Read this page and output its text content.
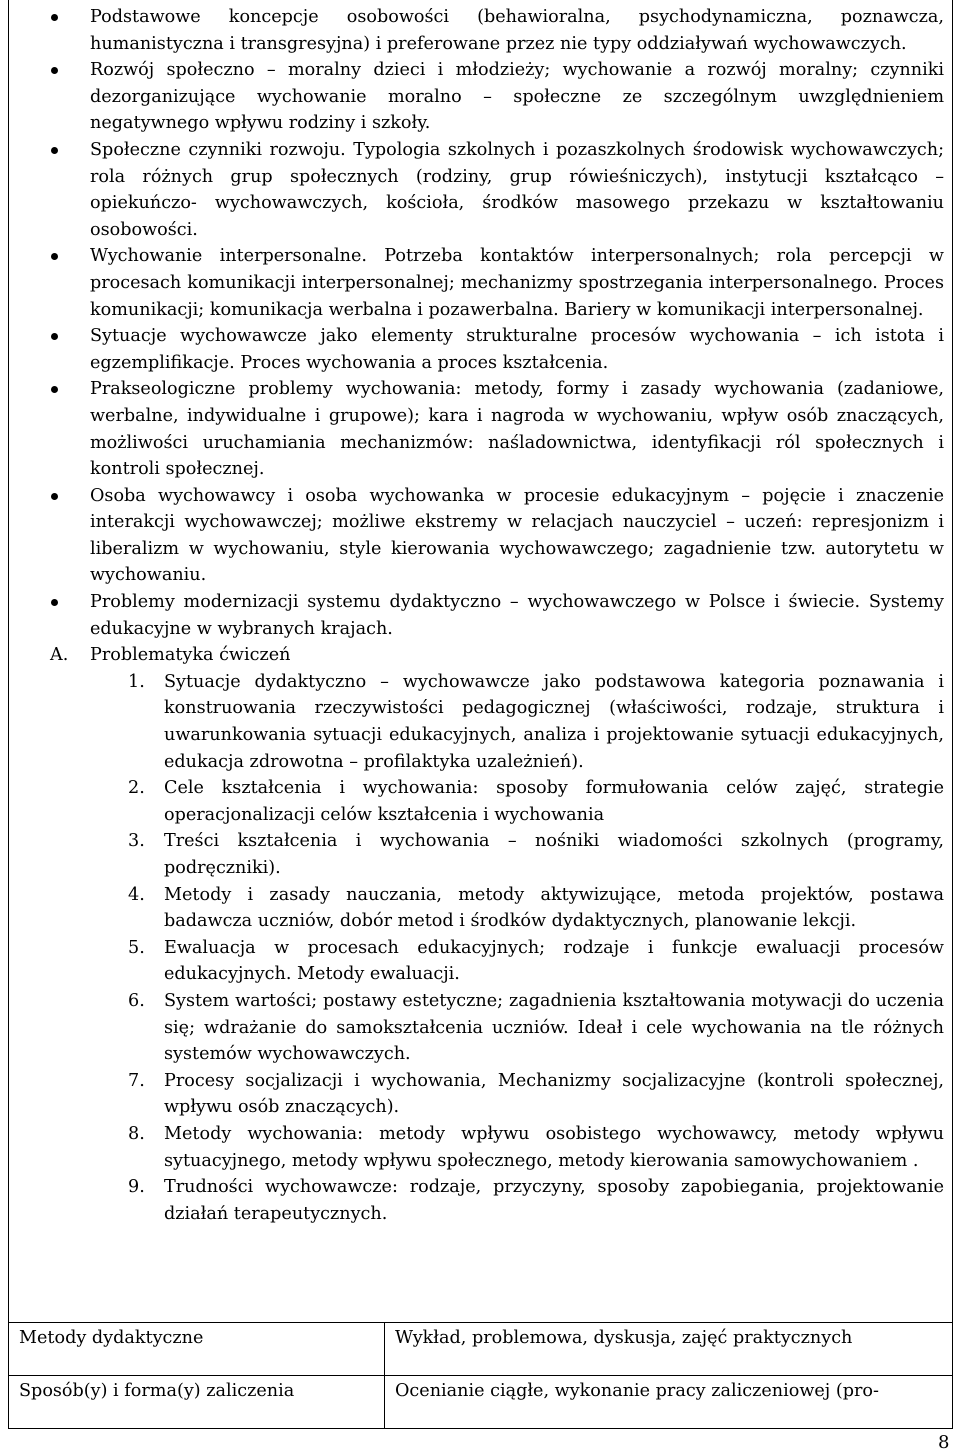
Podstawowe koncepcje osobowości (behawioralna, psychodynamiczna, poznawcza, humanistyczna i transgresyjna) i preferowane przez nie typy oddziaływań wychowawczych.
Rozwój społeczno – moralny dzieci i młodzieży; wychowanie a rozwój moralny; czynniki dezorganizujące wychowanie moralno – społeczne ze szczególnym uwzględnieniem negatywnego wpływu rodziny i szkoły.
Społeczne czynniki rozwoju. Typologia szkolnych i pozaszkolnych środowisk wychowawczych; rola różnych grup społecznych (rodziny, grup rówieśniczych), instytucji kształcąco – opiekuńczo- wychowawczych, kościoła, środków masowego przekazu w kształtowaniu osobowości.
Wychowanie interpersonalne. Potrzeba kontaktów interpersonalnych; rola percepcji w procesach komunikacji interpersonalnej; mechanizmy spostrzegania interpersonalnego. Proces komunikacji; komunikacja werbalna i pozawerbalna. Bariery w komunikacji interpersonalnej.
Sytuacje wychowawcze jako elementy strukturalne procesów wychowania – ich istota i egzemplifikacje. Proces wychowania a proces kształcenia.
Prakseologiczne problemy wychowania: metody, formy i zasady wychowania (zadaniowe, werbalne, indywidualne i grupowe); kara i nagroda w wychowaniu, wpływ osób znaczących, możliwości uruchamiania mechanizmów: naśladownictwa, identyfikacji ról społecznych i kontroli społecznej.
Osoba wychowawcy i osoba wychowanka w procesie edukacyjnym – pojęcie i znaczenie interakcji wychowawczej; możliwe ekstremy w relacjach nauczyciel – uczeń: represjonizm i liberalizm w wychowaniu, style kierowania wychowawczego; zagadnienie tzw. autorytetu w wychowaniu.
Problemy modernizacji systemu dydaktyczno – wychowawczego w Polsce i świecie. Systemy edukacyjne w wybranych krajach.
A. Problematyka ćwiczeń
1. Sytuacje dydaktyczno – wychowawcze jako podstawowa kategoria poznawania i konstruowania rzeczywistości pedagogicznej (właściwości, rodzaje, struktura i uwarunkowania sytuacji edukacyjnych, analiza i projektowanie sytuacji edukacyjnych, edukacja zdrowotna – profilaktyka uzależnień).
2. Cele kształcenia i wychowania: sposoby formułowania celów zajęć, strategie operacjonalizacji celów kształcenia i wychowania
3. Treści kształcenia i wychowania – nośniki wiadomości szkolnych (programy, podręczniki).
4. Metody i zasady nauczania, metody aktywizujące, metoda projektów, postawa badawcza uczniów, dobór metod i środków dydaktycznych, planowanie lekcji.
5. Ewaluacja w procesach edukacyjnych; rodzaje i funkcje ewaluacji procesów edukacyjnych. Metody ewaluacji.
6. System wartości; postawy estetyczne; zagadnienia kształtowania motywacji do uczenia się; wdrażanie do samokształcenia uczniów. Ideał i cele wychowania na tle różnych systemów wychowawczych.
7. Procesy socjalizacji i wychowania, Mechanizmy socjalizacyjne (kontroli społecznej, wpływu osób znaczących).
8. Metody wychowania: metody wpływu osobistego wychowawcy, metody wpływu sytuacyjnego, metody wpływu społecznego, metody kierowania samowychowaniem .
9. Trudności wychowawcze: rodzaje, przyczyny, sposoby zapobiegania, projektowanie działań terapeutycznych.
Metody dydaktyczne	Wykład, problemowa, dyskusja, zajęć praktycznych
Sposób(y) i forma(y) zaliczenia	Ocenianie ciągłe, wykonanie pracy zaliczeniowej (pro-
8
